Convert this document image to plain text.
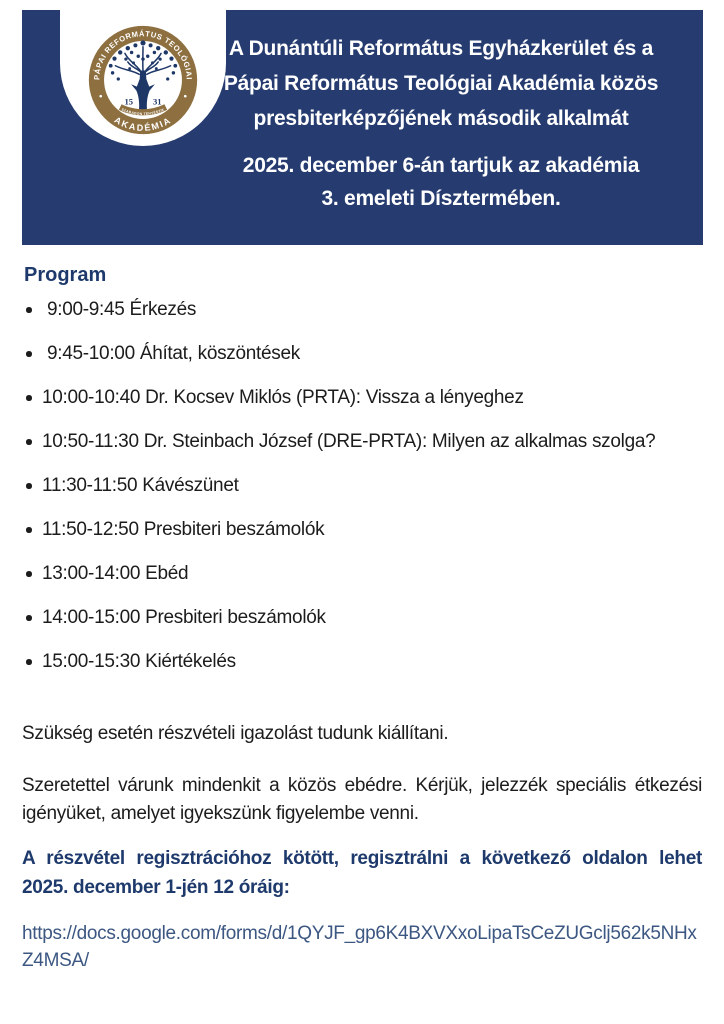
PÁPAI REFORMÁTUS TEOLÓGIAI
AKADÉMIA
15 31
SZABADON TENYÉSZIK
A Dunántúli Református Egyházkerület és a
Pápai Református Teológiai Akadémia közös
presbiterképzőjének második alkalmát
2025. december 6-án tartjuk az akadémia
3. emeleti Dísztermében.
Program
9:00-9:45 Érkezés
9:45-10:00 Áhítat, köszöntések
10:00-10:40 Dr. Kocsev Miklós (PRTA): Vissza a lényeghez
10:50-11:30 Dr. Steinbach József (DRE-PRTA): Milyen az alkalmas szolga?
11:30-11:50 Kávészünet
11:50-12:50 Presbiteri beszámolók
13:00-14:00 Ebéd
14:00-15:00 Presbiteri beszámolók
15:00-15:30 Kiértékelés

Szükség esetén részvételi igazolást tudunk kiállítani.

Szeretettel várunk mindenkit a közös ebédre. Kérjük, jelezzék speciális étkezési
igényüket, amelyet igyekszünk figyelembe venni.

A részvétel regisztrációhoz kötött, regisztrálni a következő oldalon lehet
2025. december 1-jén 12 óráig:

https://docs.google.com/forms/d/1QYJF_gp6K4BXVXxoLipaTsCeZUGclj562k5NHxZ4MSA/
